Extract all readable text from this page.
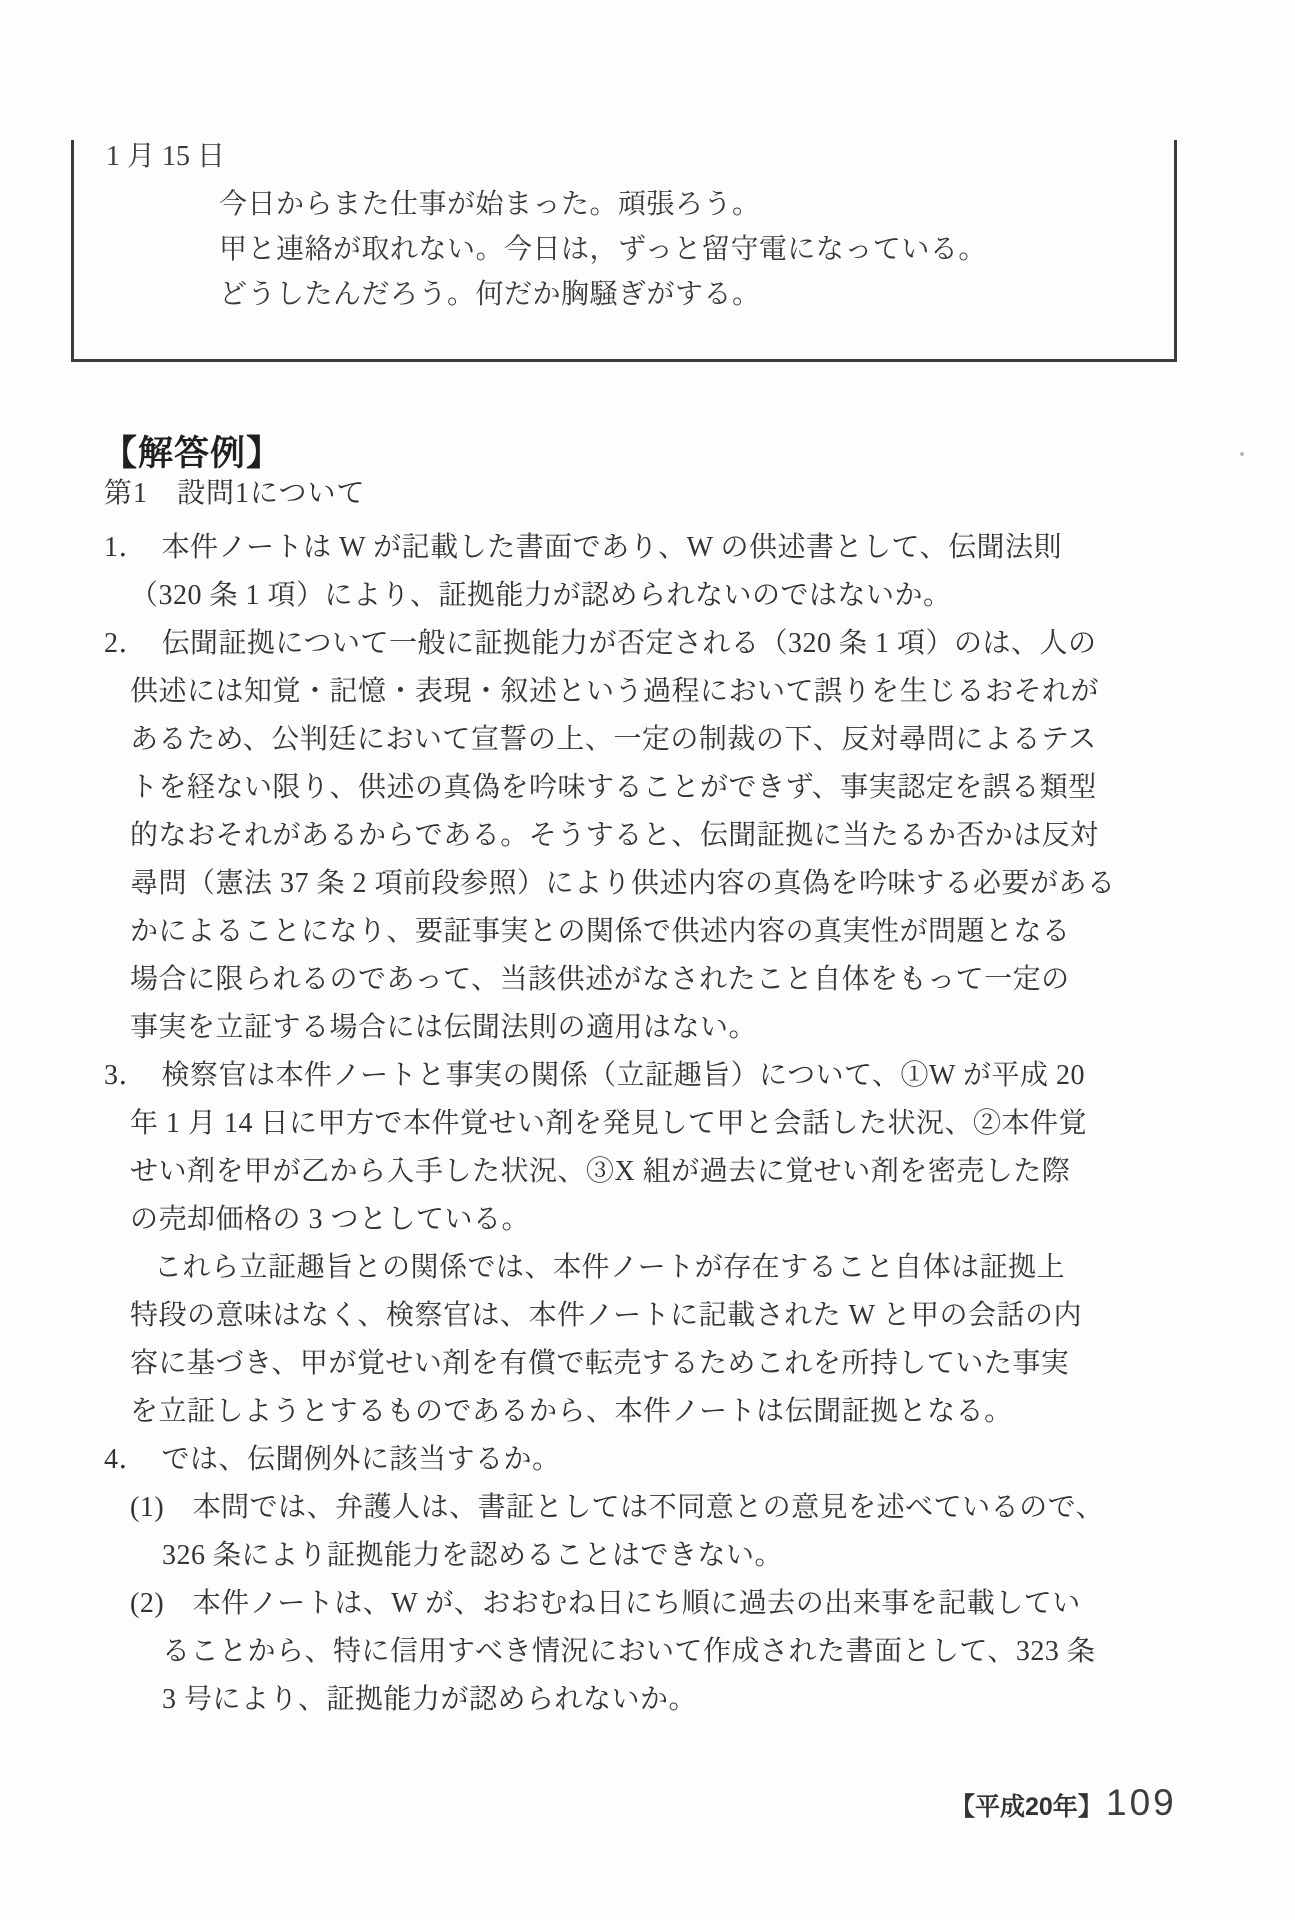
1 月 15 日
今日からまた仕事が始まった。頑張ろう。
甲と連絡が取れない。今日は，ずっと留守電になっている。
どうしたんだろう。何だか胸騒ぎがする。
【解答例】
第1　設問1について
1．　本件ノートは W が記載した書面であり、W の供述書として、伝聞法則
（320 条 1 項）により、証拠能力が認められないのではないか。
2．　伝聞証拠について一般に証拠能力が否定される（320 条 1 項）のは、人の
供述には知覚・記憶・表現・叙述という過程において誤りを生じるおそれが
あるため、公判廷において宣誓の上、一定の制裁の下、反対尋問によるテス
トを経ない限り、供述の真偽を吟味することができず、事実認定を誤る類型
的なおそれがあるからである。そうすると、伝聞証拠に当たるか否かは反対
尋問（憲法 37 条 2 項前段参照）により供述内容の真偽を吟味する必要がある
かによることになり、要証事実との関係で供述内容の真実性が問題となる
場合に限られるのであって、当該供述がなされたこと自体をもって一定の
事実を立証する場合には伝聞法則の適用はない。
3．　検察官は本件ノートと事実の関係（立証趣旨）について、①W が平成 20
年 1 月 14 日に甲方で本件覚せい剤を発見して甲と会話した状況、②本件覚
せい剤を甲が乙から入手した状況、③X 組が過去に覚せい剤を密売した際
の売却価格の 3 つとしている。
これら立証趣旨との関係では、本件ノートが存在すること自体は証拠上
特段の意味はなく、検察官は、本件ノートに記載された W と甲の会話の内
容に基づき、甲が覚せい剤を有償で転売するためこれを所持していた事実
を立証しようとするものであるから、本件ノートは伝聞証拠となる。
4．　では、伝聞例外に該当するか。
(1)　本問では、弁護人は、書証としては不同意との意見を述べているので、
326 条により証拠能力を認めることはできない。
(2)　本件ノートは、W が、おおむね日にち順に過去の出来事を記載してい
ることから、特に信用すべき情況において作成された書面として、323 条
3 号により、証拠能力が認められないか。
【平成20年】 109
